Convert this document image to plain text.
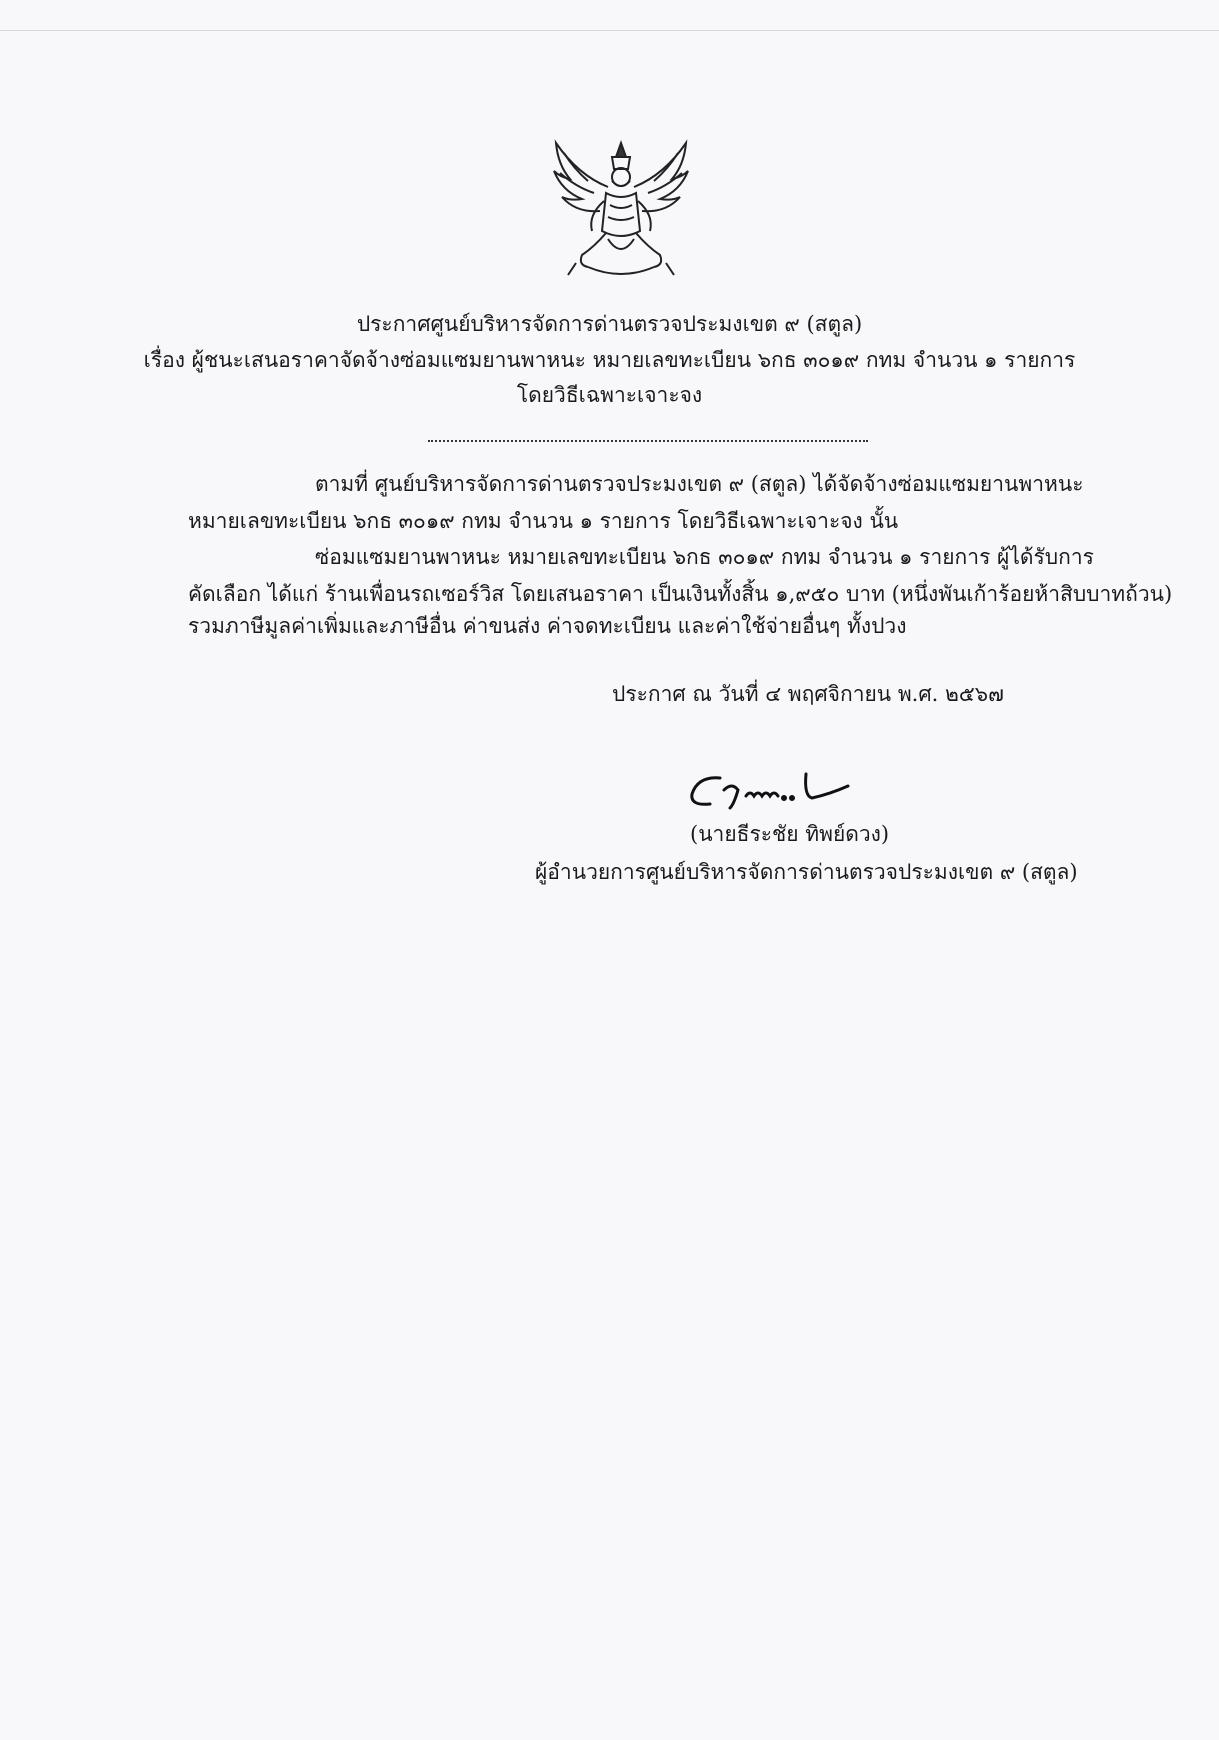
ประกาศศูนย์บริหารจัดการด่านตรวจประมงเขต ๙ (สตูล)
เรื่อง ผู้ชนะเสนอราคาจัดจ้างซ่อมแซมยานพาหนะ หมายเลขทะเบียน ๖กธ ๓๐๑๙ กทม จำนวน ๑ รายการ
โดยวิธีเฉพาะเจาะจง
ตามที่ ศูนย์บริหารจัดการด่านตรวจประมงเขต ๙ (สตูล) ได้จัดจ้างซ่อมแซมยานพาหนะ
หมายเลขทะเบียน ๖กธ ๓๐๑๙ กทม จำนวน ๑ รายการ โดยวิธีเฉพาะเจาะจง นั้น
ซ่อมแซมยานพาหนะ หมายเลขทะเบียน ๖กธ ๓๐๑๙ กทม จำนวน ๑ รายการ ผู้ได้รับการ
คัดเลือก ได้แก่ ร้านเพื่อนรถเซอร์วิส โดยเสนอราคา เป็นเงินทั้งสิ้น ๑,๙๕๐ บาท (หนึ่งพันเก้าร้อยห้าสิบบาทถ้วน)
รวมภาษีมูลค่าเพิ่มและภาษีอื่น ค่าขนส่ง ค่าจดทะเบียน และค่าใช้จ่ายอื่นๆ ทั้งปวง
ประกาศ ณ วันที่ ๔ พฤศจิกายน พ.ศ. ๒๕๖๗
(นายธีระชัย ทิพย์ดวง)
ผู้อำนวยการศูนย์บริหารจัดการด่านตรวจประมงเขต ๙ (สตูล)
